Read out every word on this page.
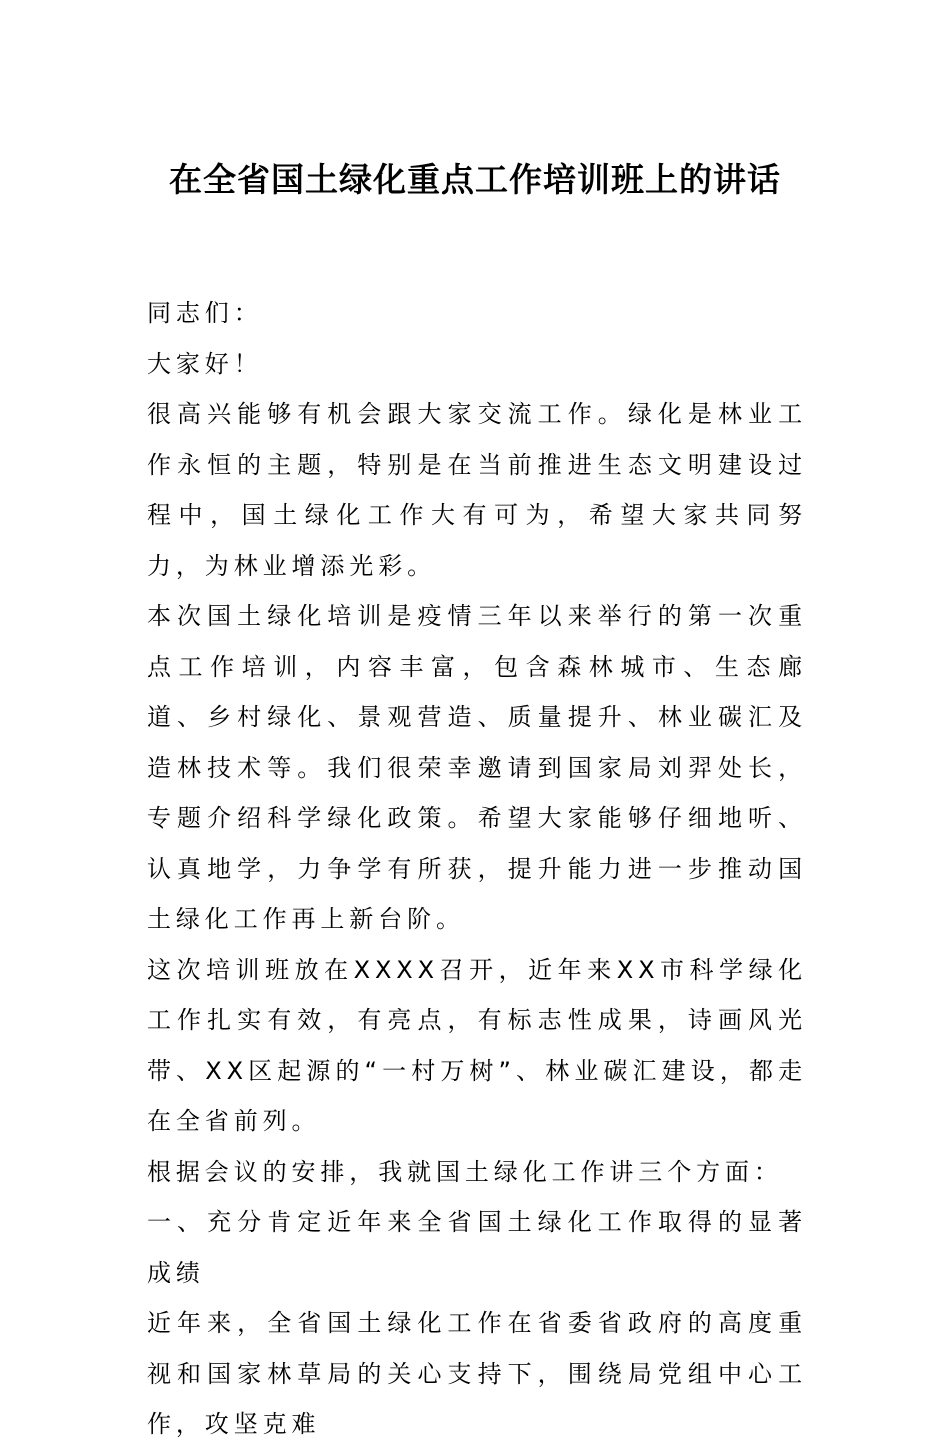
在全省国土绿化重点工作培训班上的讲话

同志们：

大家好！

很高兴能够有机会跟大家交流工作。绿化是林业工作永恒的主题，特别是在当前推进生态文明建设过程中，国土绿化工作大有可为，希望大家共同努力，为林业增添光彩。

本次国土绿化培训是疫情三年以来举行的第一次重点工作培训，内容丰富，包含森林城市、生态廊道、乡村绿化、景观营造、质量提升、林业碳汇及造林技术等。我们很荣幸邀请到国家局刘羿处长，专题介绍科学绿化政策。希望大家能够仔细地听、认真地学，力争学有所获，提升能力进一步推动国土绿化工作再上新台阶。

这次培训班放在XXXX召开，近年来XX市科学绿化工作扎实有效，有亮点，有标志性成果，诗画风光带、XX区起源的“一村万树”、林业碳汇建设，都走在全省前列。

根据会议的安排，我就国土绿化工作讲三个方面：

一、充分肯定近年来全省国土绿化工作取得的显著成绩

近年来，全省国土绿化工作在省委省政府的高度重视和国家林草局的关心支持下，围绕局党组中心工作，攻坚克难
